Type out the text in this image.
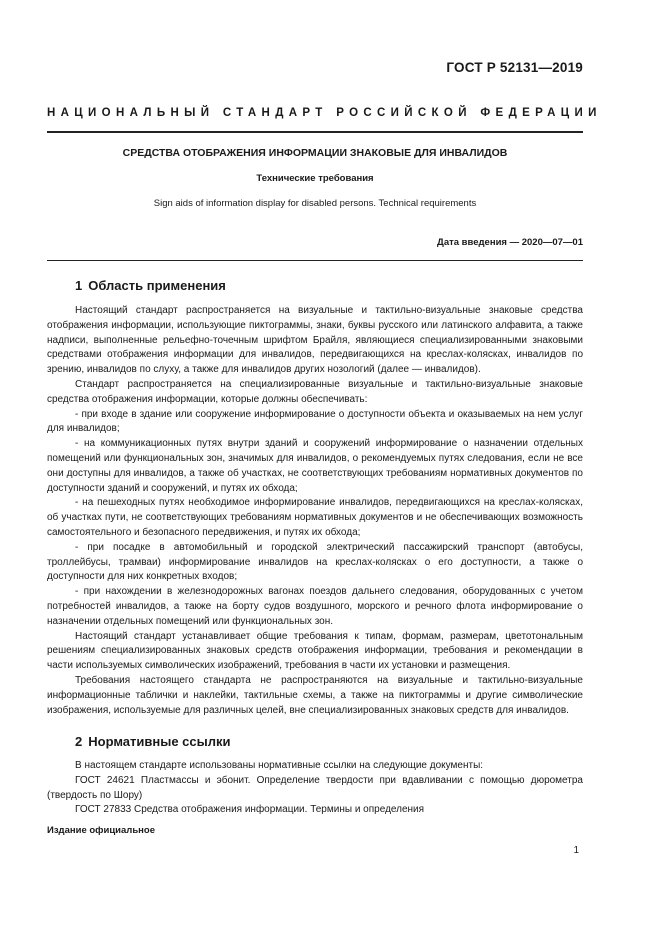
ГОСТ Р 52131—2019
НАЦИОНАЛЬНЫЙ СТАНДАРТ РОССИЙСКОЙ ФЕДЕРАЦИИ
СРЕДСТВА ОТОБРАЖЕНИЯ ИНФОРМАЦИИ ЗНАКОВЫЕ ДЛЯ ИНВАЛИДОВ
Технические требования
Sign aids of information display for disabled persons. Technical requirements
Дата введения — 2020—07—01
1 Область применения

Настоящий стандарт распространяется на визуальные и тактильно-визуальные знаковые средства отображения информации, использующие пиктограммы, знаки, буквы русского или латинского алфавита, а также надписи, выполненные рельефно-точечным шрифтом Брайля, являющиеся специализированными знаковыми средствами отображения информации для инвалидов, передвигающихся на креслах-колясках, инвалидов по зрению, инвалидов по слуху, а также для инвалидов других нозологий (далее — инвалидов).

Стандарт распространяется на специализированные визуальные и тактильно-визуальные знаковые средства отображения информации, которые должны обеспечивать:

- при входе в здание или сооружение информирование о доступности объекта и оказываемых на нем услуг для инвалидов;

- на коммуникационных путях внутри зданий и сооружений информирование о назначении отдельных помещений или функциональных зон, значимых для инвалидов, о рекомендуемых путях следования, если не все они доступны для инвалидов, а также об участках, не соответствующих требованиям нормативных документов по доступности зданий и сооружений, и путях их обхода;

- на пешеходных путях необходимое информирование инвалидов, передвигающихся на креслах-колясках, об участках пути, не соответствующих требованиям нормативных документов и не обеспечивающих возможность самостоятельного и безопасного передвижения, и путях их обхода;

- при посадке в автомобильный и городской электрический пассажирский транспорт (автобусы, троллейбусы, трамваи) информирование инвалидов на креслах-колясках о его доступности, а также о доступности для них конкретных входов;

- при нахождении в железнодорожных вагонах поездов дальнего следования, оборудованных с учетом потребностей инвалидов, а также на борту судов воздушного, морского и речного флота информирование о назначении отдельных помещений или функциональных зон.

Настоящий стандарт устанавливает общие требования к типам, формам, размерам, цветотональным решениям специализированных знаковых средств отображения информации, требования и рекомендации в части используемых символических изображений, требования в части их установки и размещения.

Требования настоящего стандарта не распространяются на визуальные и тактильно-визуальные информационные таблички и наклейки, тактильные схемы, а также на пиктограммы и другие символические изображения, используемые для различных целей, вне специализированных знаковых средств для инвалидов.

2 Нормативные ссылки

В настоящем стандарте использованы нормативные ссылки на следующие документы:

ГОСТ 24621 Пластмассы и эбонит. Определение твердости при вдавливании с помощью дюрометра (твердость по Шору)

ГОСТ 27833 Средства отображения информации. Термины и определения

Издание официальное
1
